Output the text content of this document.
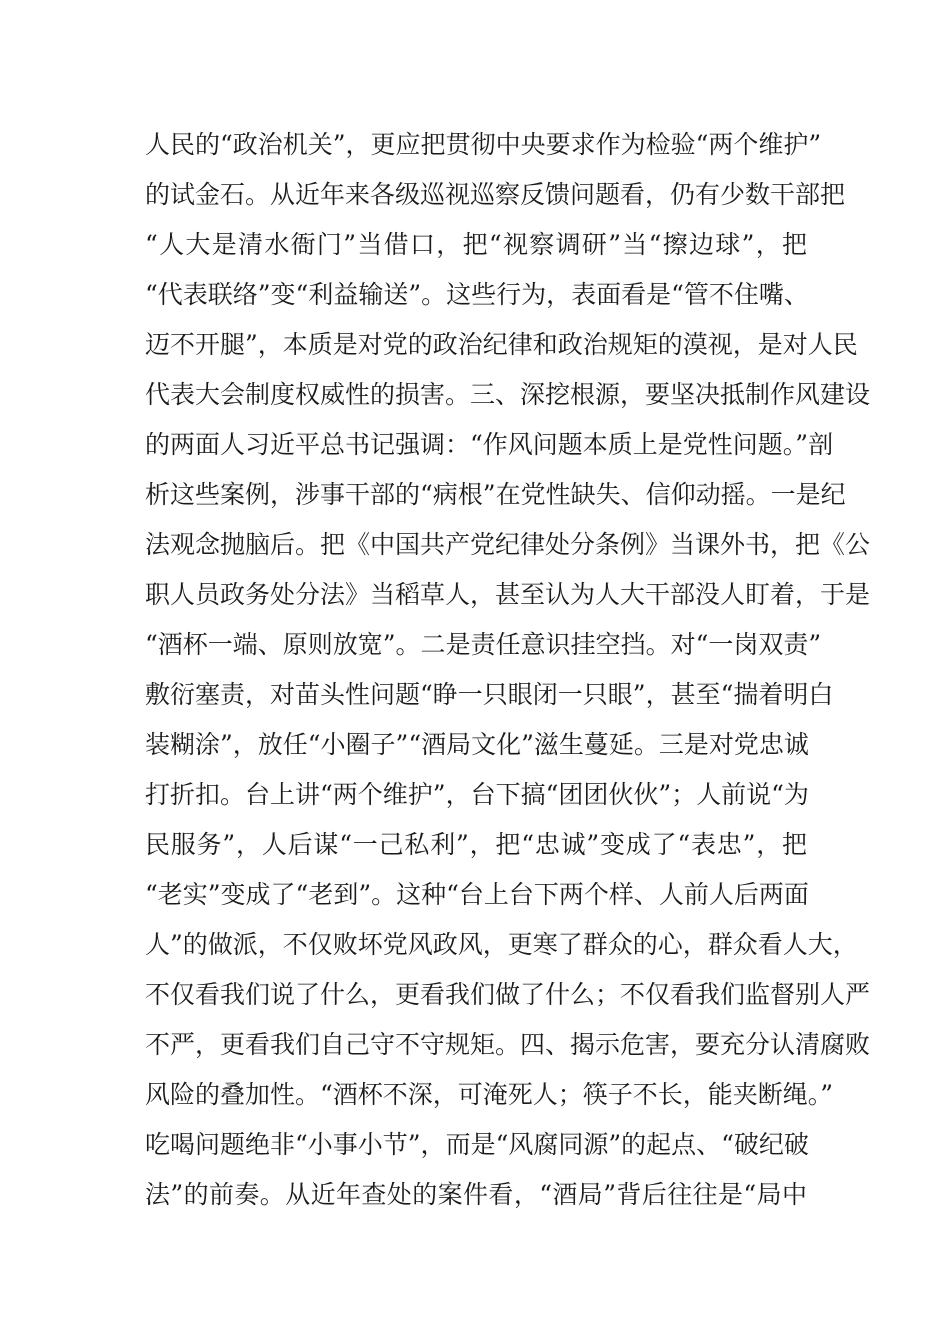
人民的“政治机关”，更应把贯彻中央要求作为检验“两个维护”
的试金石。从近年来各级巡视巡察反馈问题看，仍有少数干部把
“人大是清水衙门”当借口，把“视察调研”当“擦边球”，把
“代表联络”变“利益输送”。这些行为，表面看是“管不住嘴、
迈不开腿”，本质是对党的政治纪律和政治规矩的漠视，是对人民
代表大会制度权威性的损害。三、深挖根源，要坚决抵制作风建设
的两面人习近平总书记强调：“作风问题本质上是党性问题。”剖
析这些案例，涉事干部的“病根”在党性缺失、信仰动摇。一是纪
法观念抛脑后。把《中国共产党纪律处分条例》当课外书，把《公
职人员政务处分法》当稻草人，甚至认为人大干部没人盯着，于是
“酒杯一端、原则放宽”。二是责任意识挂空挡。对“一岗双责”
敷衍塞责，对苗头性问题“睁一只眼闭一只眼”，甚至“揣着明白
装糊涂”，放任“小圈子”“酒局文化”滋生蔓延。三是对党忠诚
打折扣。台上讲“两个维护”，台下搞“团团伙伙”；人前说“为
民服务”，人后谋“一己私利”，把“忠诚”变成了“表忠”，把
“老实”变成了“老到”。这种“台上台下两个样、人前人后两面
人”的做派，不仅败坏党风政风，更寒了群众的心，群众看人大，
不仅看我们说了什么，更看我们做了什么；不仅看我们监督别人严
不严，更看我们自己守不守规矩。四、揭示危害，要充分认清腐败
风险的叠加性。“酒杯不深，可淹死人；筷子不长，能夹断绳。”
吃喝问题绝非“小事小节”，而是“风腐同源”的起点、“破纪破
法”的前奏。从近年查处的案件看，“酒局”背后往往是“局中
